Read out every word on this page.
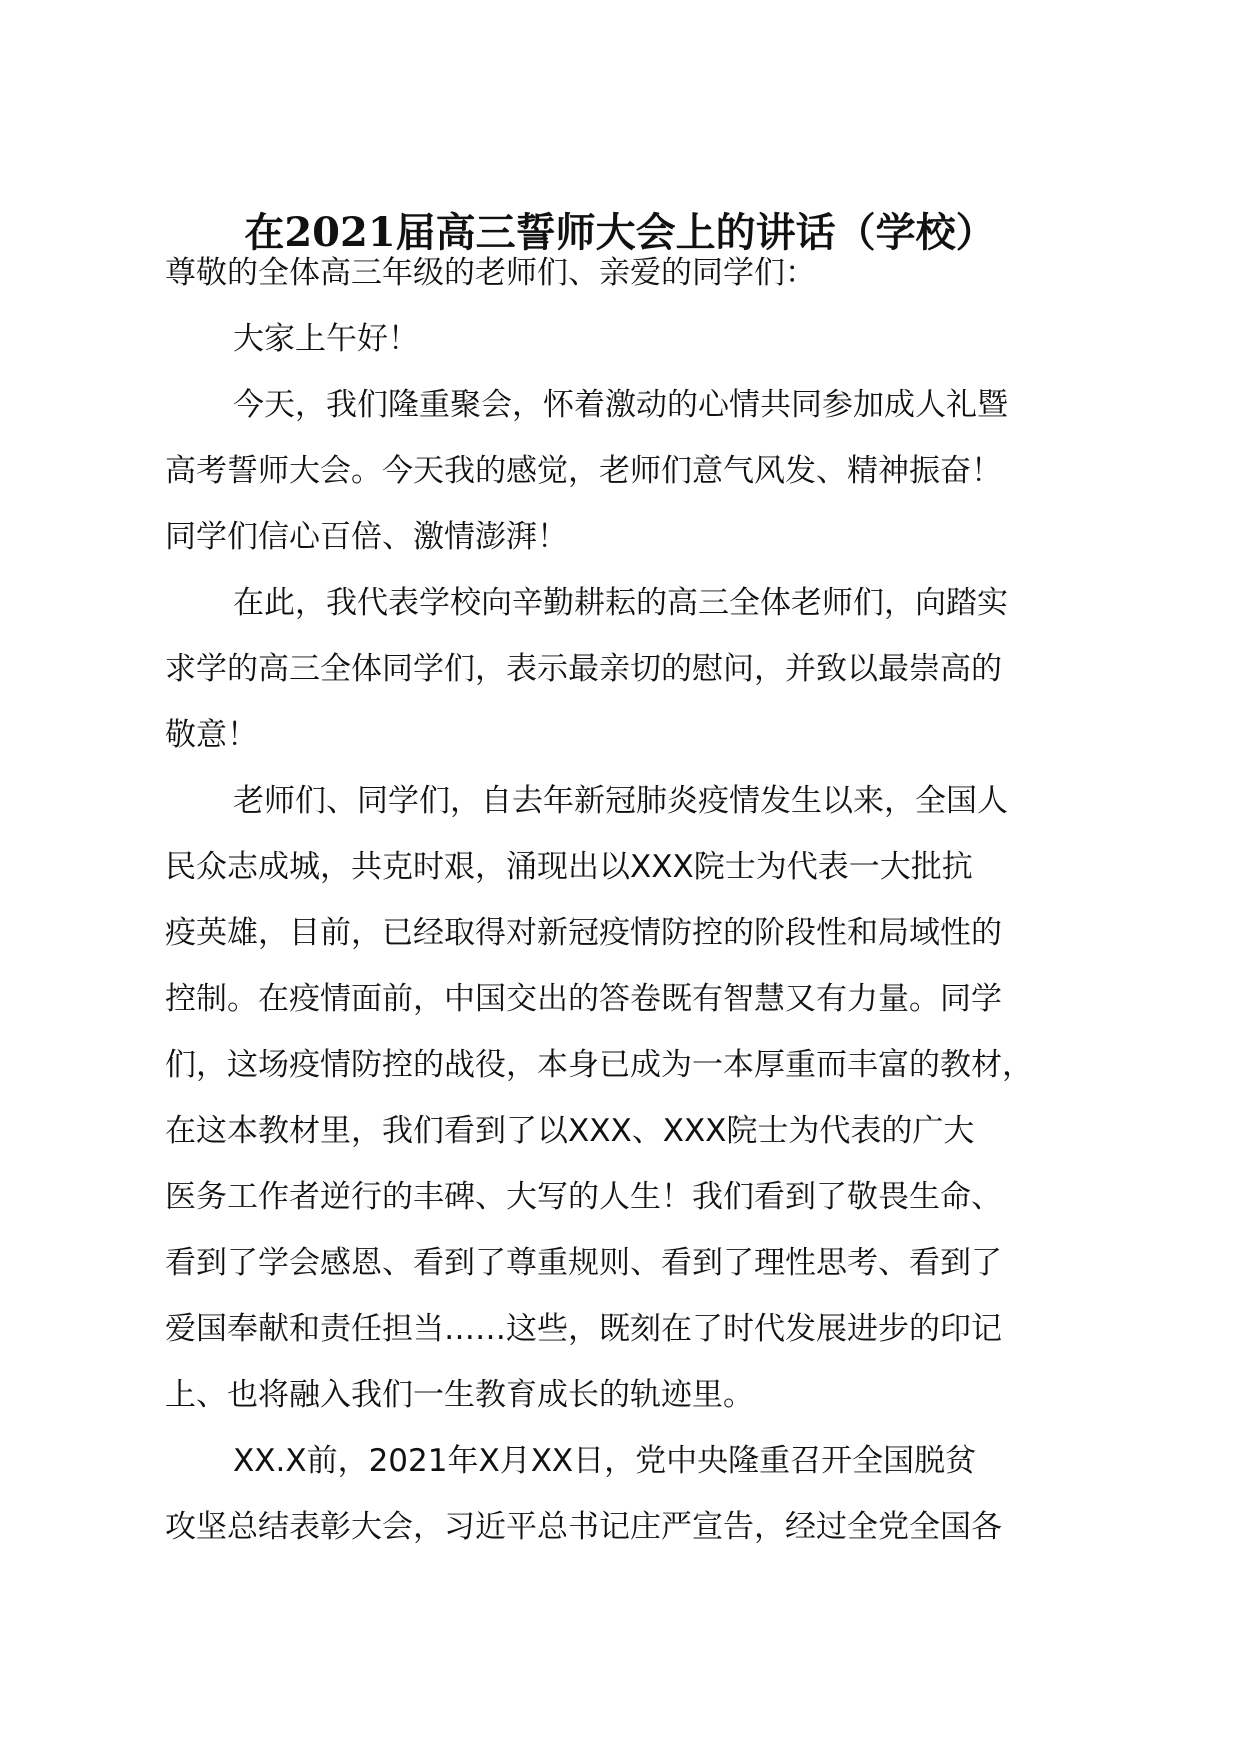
在2021届高三誓师大会上的讲话（学校）
尊敬的全体高三年级的老师们、亲爱的同学们：
大家上午好！
今天，我们隆重聚会，怀着激动的心情共同参加成人礼暨
高考誓师大会。今天我的感觉，老师们意气风发、精神振奋！
同学们信心百倍、激情澎湃！
在此，我代表学校向辛勤耕耘的高三全体老师们，向踏实
求学的高三全体同学们，表示最亲切的慰问，并致以最崇高的
敬意！
老师们、同学们，自去年新冠肺炎疫情发生以来，全国人
民众志成城，共克时艰，涌现出以XXX院士为代表一大批抗
疫英雄，目前，已经取得对新冠疫情防控的阶段性和局域性的
控制。在疫情面前，中国交出的答卷既有智慧又有力量。同学
们，这场疫情防控的战役，本身已成为一本厚重而丰富的教材，
在这本教材里，我们看到了以XXX、XXX院士为代表的广大
医务工作者逆行的丰碑、大写的人生！我们看到了敬畏生命、
看到了学会感恩、看到了尊重规则、看到了理性思考、看到了
爱国奉献和责任担当……这些，既刻在了时代发展进步的印记
上、也将融入我们一生教育成长的轨迹里。
XX.X前，2021年X月XX日，党中央隆重召开全国脱贫
攻坚总结表彰大会，习近平总书记庄严宣告，经过全党全国各
